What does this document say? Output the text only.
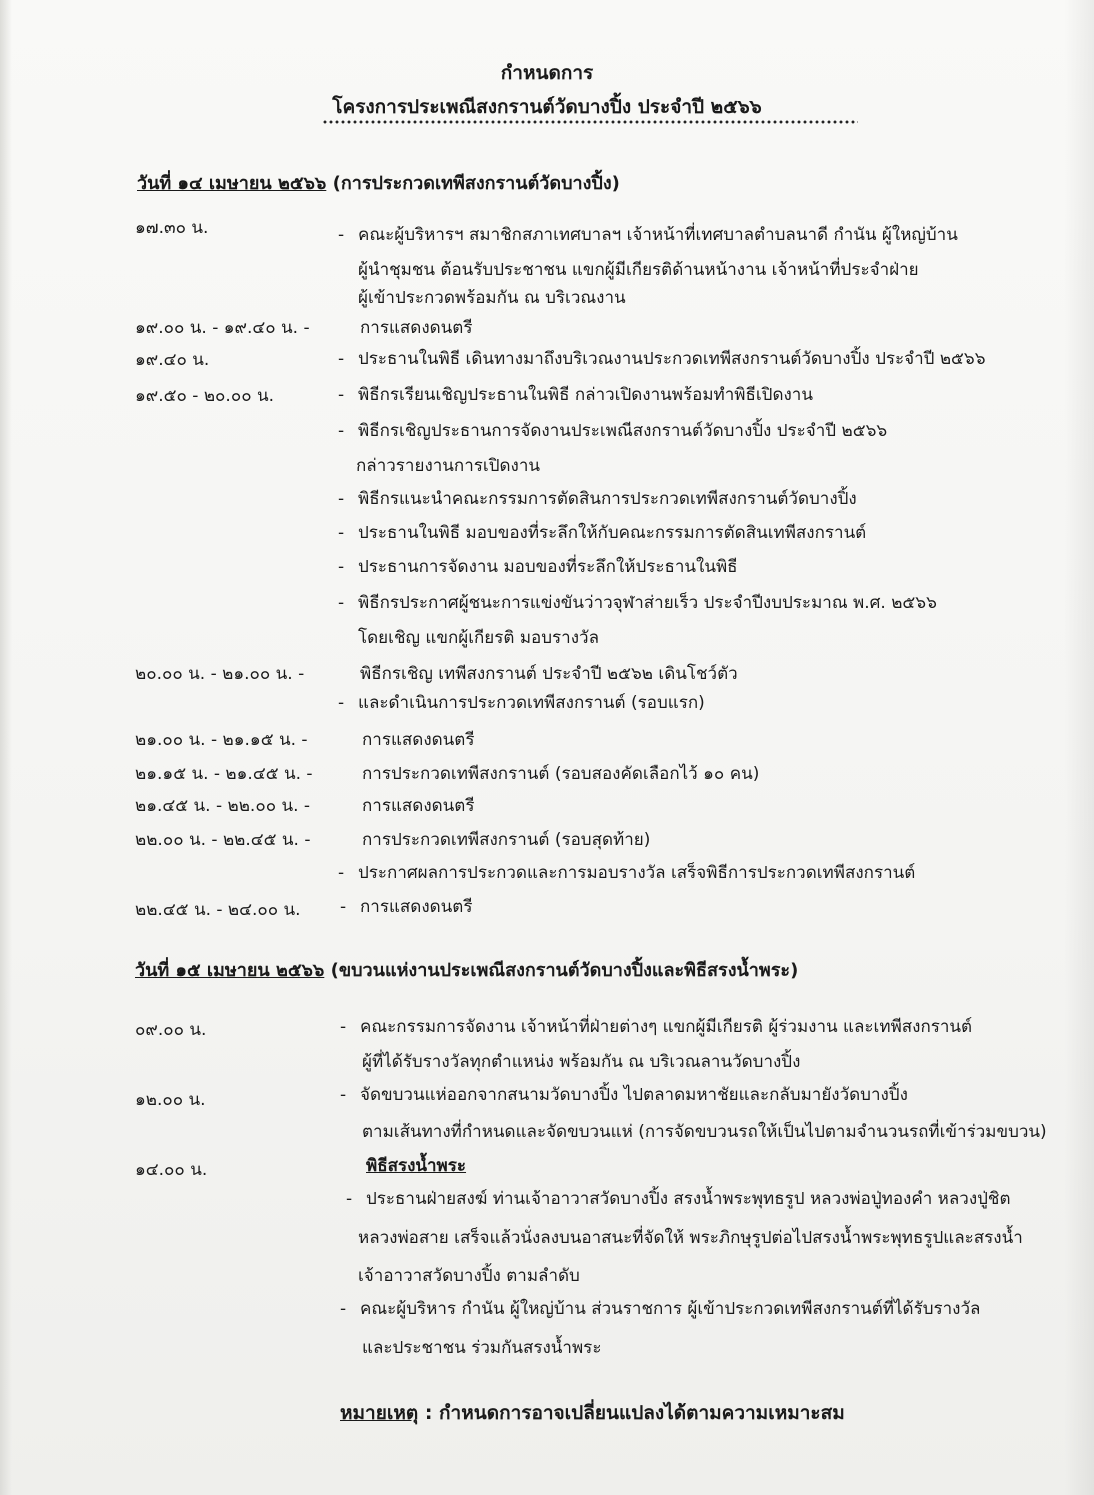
กำหนดการ
โครงการประเพณีสงกรานต์วัดบางปิ้ง ประจำปี ๒๕๖๖
วันที่ ๑๔ เมษายน ๒๕๖๖ (การประกวดเทพีสงกรานต์วัดบางปิ้ง)
๑๗.๓๐ น.	- คณะผู้บริหารฯ สมาชิกสภาเทศบาลฯ เจ้าหน้าที่เทศบาลตำบลนาดี กำนัน ผู้ใหญ่บ้าน
ผู้นำชุมชน ต้อนรับประชาชน แขกผู้มีเกียรติด้านหน้างาน เจ้าหน้าที่ประจำฝ่าย
ผู้เข้าประกวดพร้อมกัน ณ บริเวณงาน
๑๙.๐๐ น. - ๑๙.๔๐ น. -	การแสดงดนตรี
๑๙.๔๐ น.	- ประธานในพิธี เดินทางมาถึงบริเวณงานประกวดเทพีสงกรานต์วัดบางปิ้ง ประจำปี ๒๕๖๖
๑๙.๕๐ - ๒๐.๐๐ น.	- พิธีกรเรียนเชิญประธานในพิธี กล่าวเปิดงานพร้อมทำพิธีเปิดงาน
- พิธีกรเชิญประธานการจัดงานประเพณีสงกรานต์วัดบางปิ้ง ประจำปี ๒๕๖๖
กล่าวรายงานการเปิดงาน
- พิธีกรแนะนำคณะกรรมการตัดสินการประกวดเทพีสงกรานต์วัดบางปิ้ง
- ประธานในพิธี มอบของที่ระลึกให้กับคณะกรรมการตัดสินเทพีสงกรานต์
- ประธานการจัดงาน มอบของที่ระลึกให้ประธานในพิธี
- พิธีกรประกาศผู้ชนะการแข่งขันว่าวจุฬาส่ายเร็ว ประจำปีงบประมาณ พ.ศ. ๒๕๖๖
โดยเชิญ แขกผู้เกียรติ มอบรางวัล
๒๐.๐๐ น. - ๒๑.๐๐ น. -	พิธีกรเชิญ เทพีสงกรานต์ ประจำปี ๒๕๖๒ เดินโชว์ตัว
- และดำเนินการประกวดเทพีสงกรานต์ (รอบแรก)
๒๑.๐๐ น. - ๒๑.๑๕ น. -	การแสดงดนตรี
๒๑.๑๕ น. - ๒๑.๔๕ น. -	การประกวดเทพีสงกรานต์ (รอบสองคัดเลือกไว้ ๑๐ คน)
๒๑.๔๕ น. - ๒๒.๐๐ น. -	การแสดงดนตรี
๒๒.๐๐ น. - ๒๒.๔๕ น. -	การประกวดเทพีสงกรานต์ (รอบสุดท้าย)
- ประกาศผลการประกวดและการมอบรางวัล เสร็จพิธีการประกวดเทพีสงกรานต์
๒๒.๔๕ น. - ๒๔.๐๐ น. - การแสดงดนตรี
วันที่ ๑๕ เมษายน ๒๕๖๖ (ขบวนแห่งานประเพณีสงกรานต์วัดบางปิ้งและพิธีสรงน้ำพระ)
๐๙.๐๐ น.	- คณะกรรมการจัดงาน เจ้าหน้าที่ฝ่ายต่างๆ แขกผู้มีเกียรติ ผู้ร่วมงาน และเทพีสงกรานต์
ผู้ที่ได้รับรางวัลทุกตำแหน่ง พร้อมกัน ณ บริเวณลานวัดบางปิ้ง
๑๒.๐๐ น.	- จัดขบวนแห่ออกจากสนามวัดบางปิ้ง ไปตลาดมหาชัยและกลับมายังวัดบางปิ้ง
ตามเส้นทางที่กำหนดและจัดขบวนแห่ (การจัดขบวนรถให้เป็นไปตามจำนวนรถที่เข้าร่วมขบวน)
๑๔.๐๐ น.	พิธีสรงน้ำพระ
- ประธานฝ่ายสงฆ์ ท่านเจ้าอาวาสวัดบางปิ้ง สรงน้ำพระพุทธรูป หลวงพ่อปู่ทองคำ หลวงปู่ชิต
หลวงพ่อสาย เสร็จแล้วนั่งลงบนอาสนะที่จัดให้ พระภิกษุรูปต่อไปสรงน้ำพระพุทธรูปและสรงน้ำ
เจ้าอาวาสวัดบางปิ้ง ตามลำดับ
- คณะผู้บริหาร กำนัน ผู้ใหญ่บ้าน ส่วนราชการ ผู้เข้าประกวดเทพีสงกรานต์ที่ได้รับรางวัล
และประชาชน ร่วมกันสรงน้ำพระ
หมายเหตุ : กำหนดการอาจเปลี่ยนแปลงได้ตามความเหมาะสม
